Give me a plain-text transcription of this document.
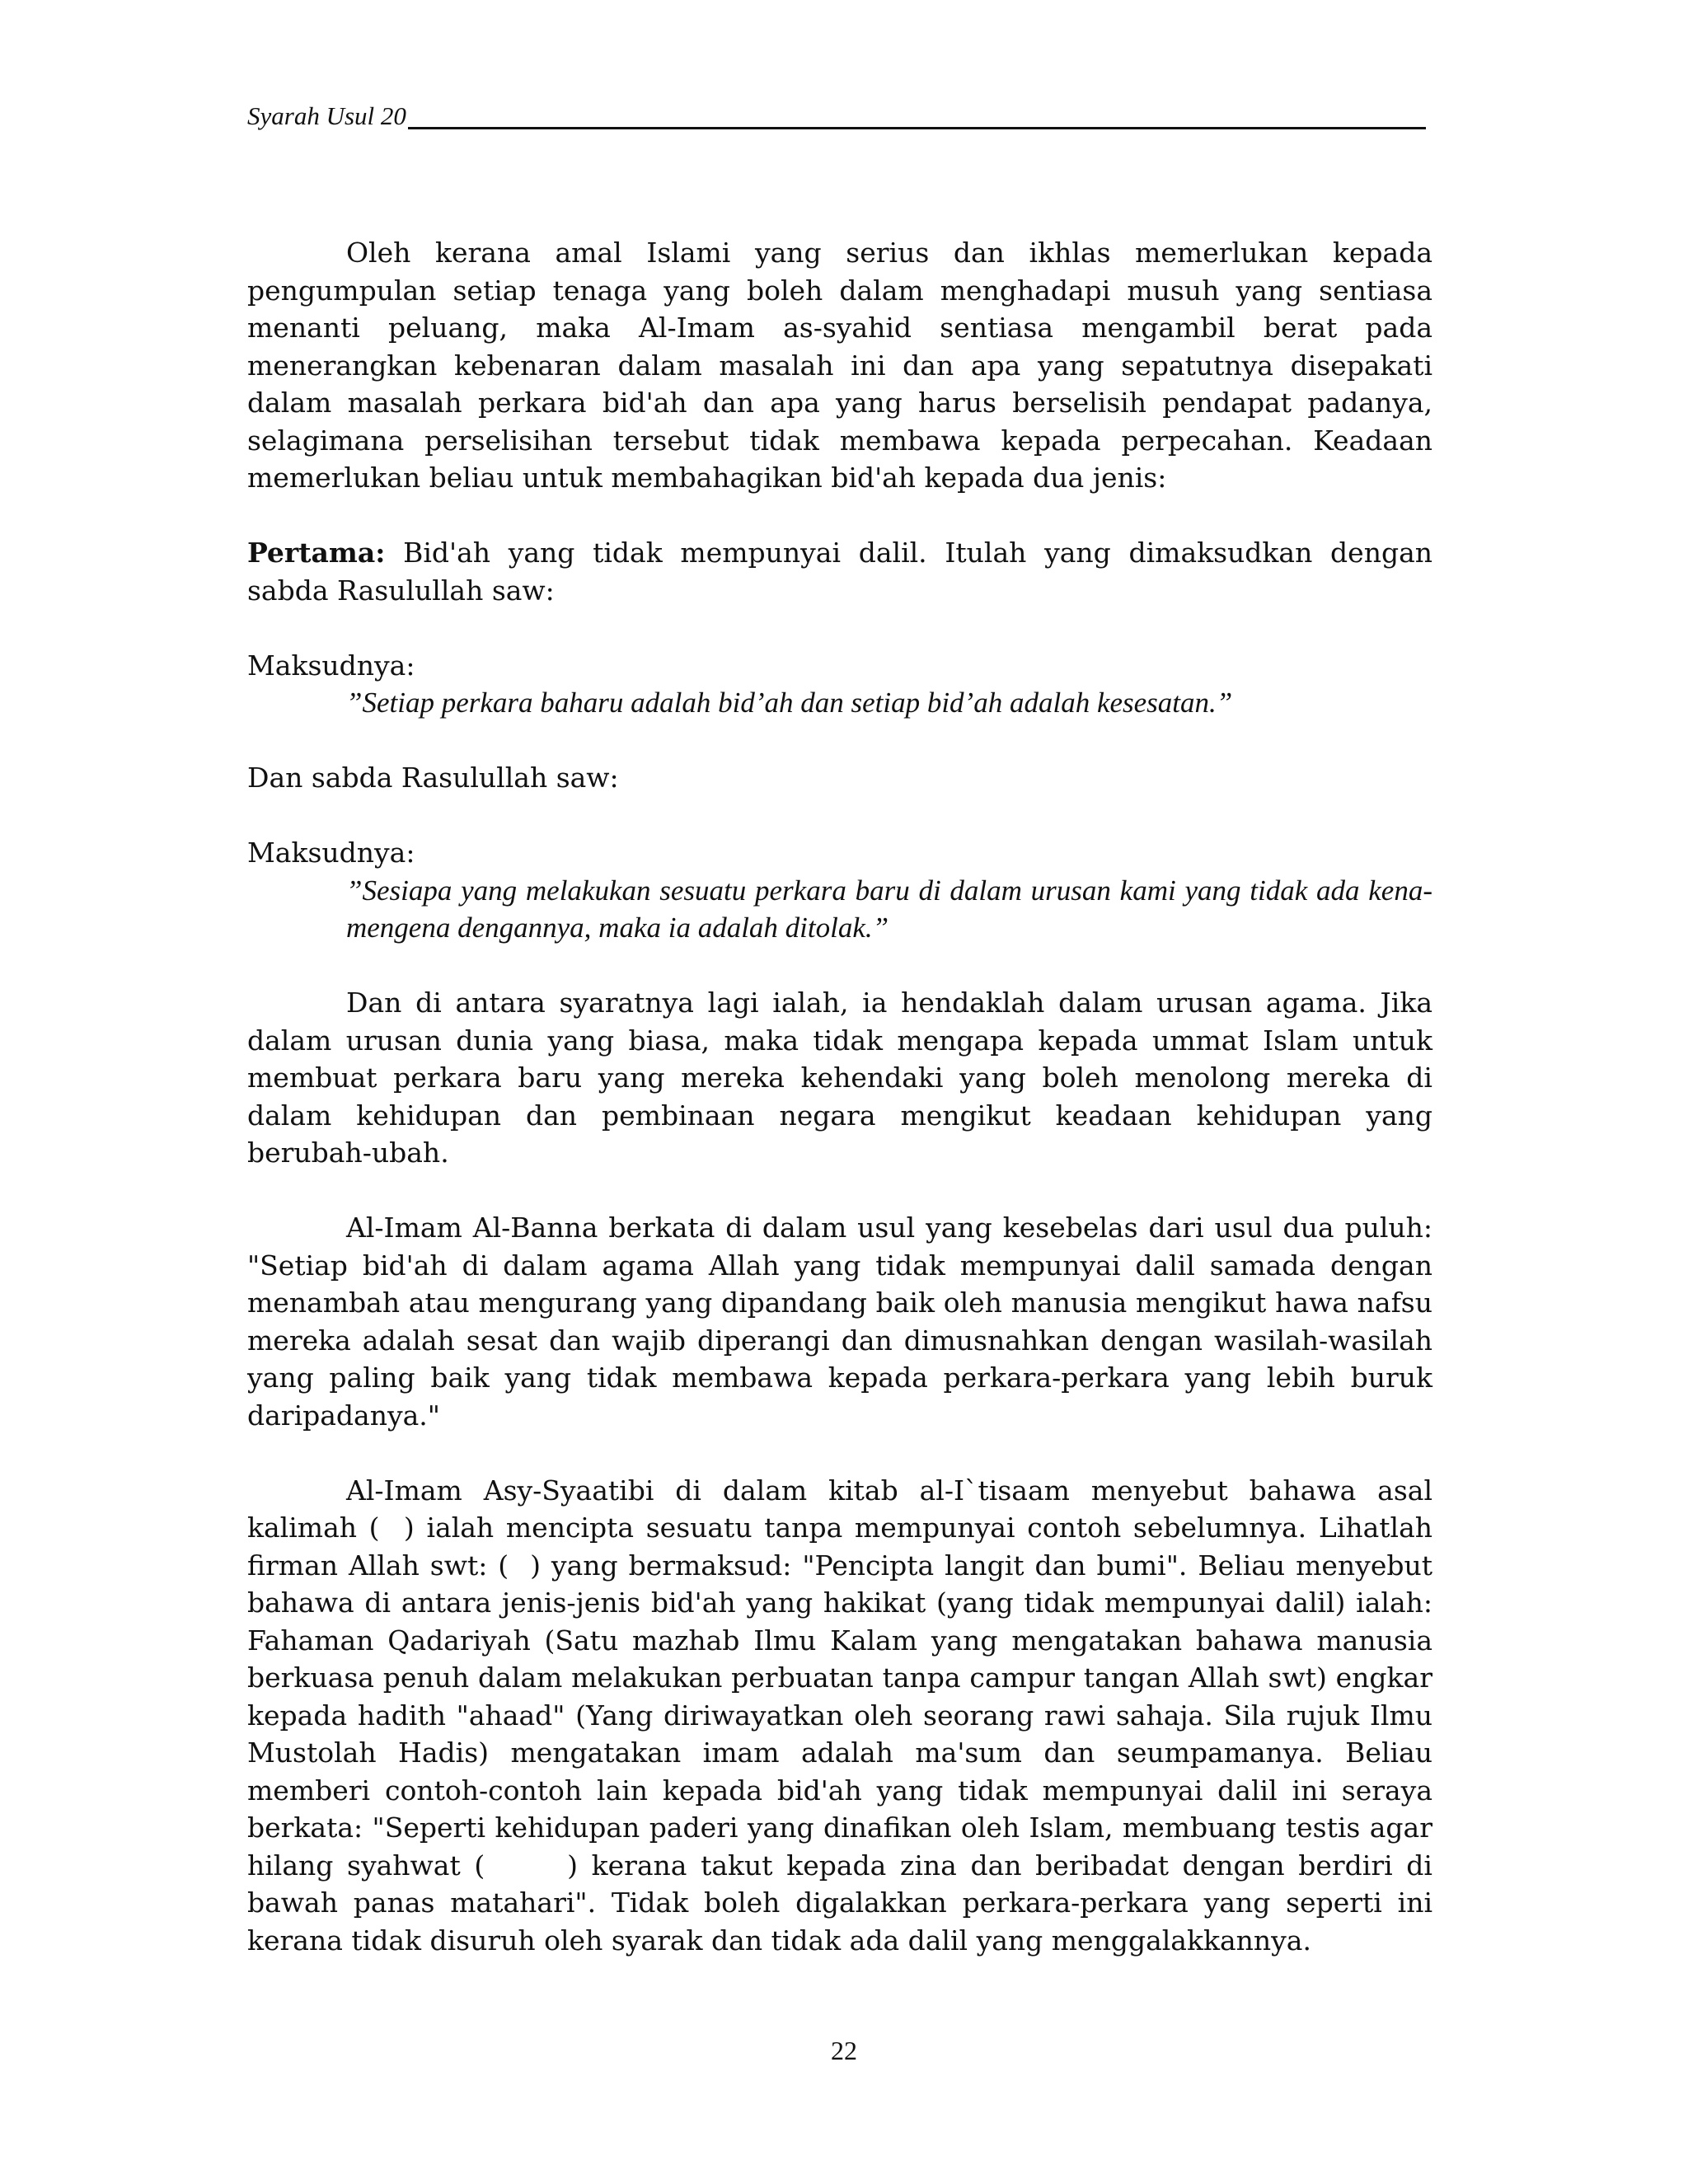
Syarah Usul 20

Oleh kerana amal Islami yang serius dan ikhlas memerlukan kepada pengumpulan setiap tenaga yang boleh dalam menghadapi musuh yang sentiasa menanti peluang, maka Al-Imam as-syahid sentiasa mengambil berat pada menerangkan kebenaran dalam masalah ini dan apa yang sepatutnya disepakati dalam masalah perkara bid'ah dan apa yang harus berselisih pendapat padanya, selagimana perselisihan tersebut tidak membawa kepada perpecahan. Keadaan memerlukan beliau untuk membahagikan bid'ah kepada dua jenis:

Pertama: Bid'ah yang tidak mempunyai dalil. Itulah yang dimaksudkan dengan sabda Rasulullah saw:

Maksudnya:

”Setiap perkara baharu adalah bid’ah dan setiap bid’ah adalah kesesatan.”

Dan sabda Rasulullah saw:

Maksudnya:

”Sesiapa yang melakukan sesuatu perkara baru di dalam urusan kami yang tidak ada kena-mengena dengannya, maka ia adalah ditolak.”

Dan di antara syaratnya lagi ialah, ia hendaklah dalam urusan agama. Jika dalam urusan dunia yang biasa, maka tidak mengapa kepada ummat Islam untuk membuat perkara baru yang mereka kehendaki yang boleh menolong mereka di dalam kehidupan dan pembinaan negara mengikut keadaan kehidupan yang berubah-ubah.

Al-Imam Al-Banna berkata di dalam usul yang kesebelas dari usul dua puluh: "Setiap bid'ah di dalam agama Allah yang tidak mempunyai dalil samada dengan menambah atau mengurang yang dipandang baik oleh manusia mengikut hawa nafsu mereka adalah sesat dan wajib diperangi dan dimusnahkan dengan wasilah-wasilah yang paling baik yang tidak membawa kepada perkara-perkara yang lebih buruk daripadanya."

Al-Imam Asy-Syaatibi di dalam kitab al-I`tisaam menyebut bahawa asal kalimah (  ) ialah mencipta sesuatu tanpa mempunyai contoh sebelumnya. Lihatlah firman Allah swt: (  ) yang bermaksud: "Pencipta langit dan bumi". Beliau menyebut bahawa di antara jenis-jenis bid'ah yang hakikat (yang tidak mempunyai dalil) ialah: Fahaman Qadariyah (Satu mazhab Ilmu Kalam yang mengatakan bahawa manusia berkuasa penuh dalam melakukan perbuatan tanpa campur tangan Allah swt) engkar kepada hadith "ahaad" (Yang diriwayatkan oleh seorang rawi sahaja. Sila rujuk Ilmu Mustolah Hadis) mengatakan imam adalah ma'sum dan seumpamanya. Beliau memberi contoh-contoh lain kepada bid'ah yang tidak mempunyai dalil ini seraya berkata: "Seperti kehidupan paderi yang dinafikan oleh Islam, membuang testis agar hilang syahwat (      ) kerana takut kepada zina dan beribadat dengan berdiri di bawah panas matahari". Tidak boleh digalakkan perkara-perkara yang seperti ini kerana tidak disuruh oleh syarak dan tidak ada dalil yang menggalakkannya.

22
